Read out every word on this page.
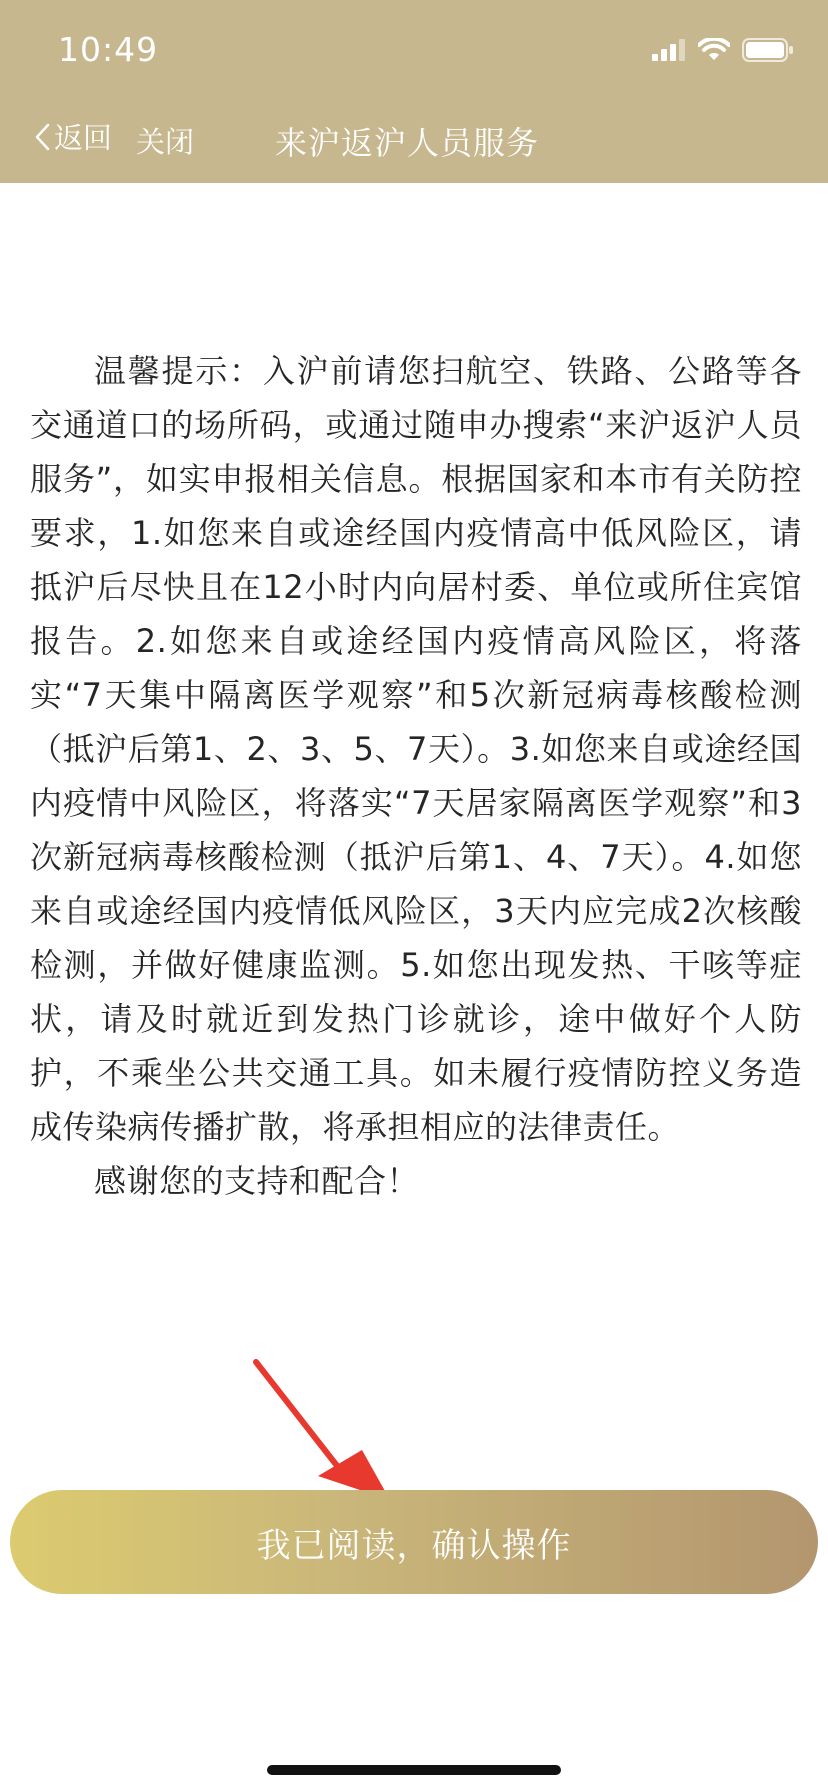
10:49
返回 关闭	来沪返沪人员服务

温馨提示：入沪前请您扫航空、铁路、公路等各交通道口的场所码，或通过随申办搜索“来沪返沪人员服务”，如实申报相关信息。根据国家和本市有关防控要求，1.如您来自或途经国内疫情高中低风险区，请抵沪后尽快且在12小时内向居村委、单位或所住宾馆报告。2.如您来自或途经国内疫情高风险区，将落实“7天集中隔离医学观察”和5次新冠病毒核酸检测（抵沪后第1、2、3、5、7天）。3.如您来自或途经国内疫情中风险区，将落实“7天居家隔离医学观察”和3次新冠病毒核酸检测（抵沪后第1、4、7天）。4.如您来自或途经国内疫情低风险区，3天内应完成2次核酸检测，并做好健康监测。5.如您出现发热、干咳等症状，请及时就近到发热门诊就诊，途中做好个人防护，不乘坐公共交通工具。如未履行疫情防控义务造成传染病传播扩散，将承担相应的法律责任。

感谢您的支持和配合！

我已阅读，确认操作
